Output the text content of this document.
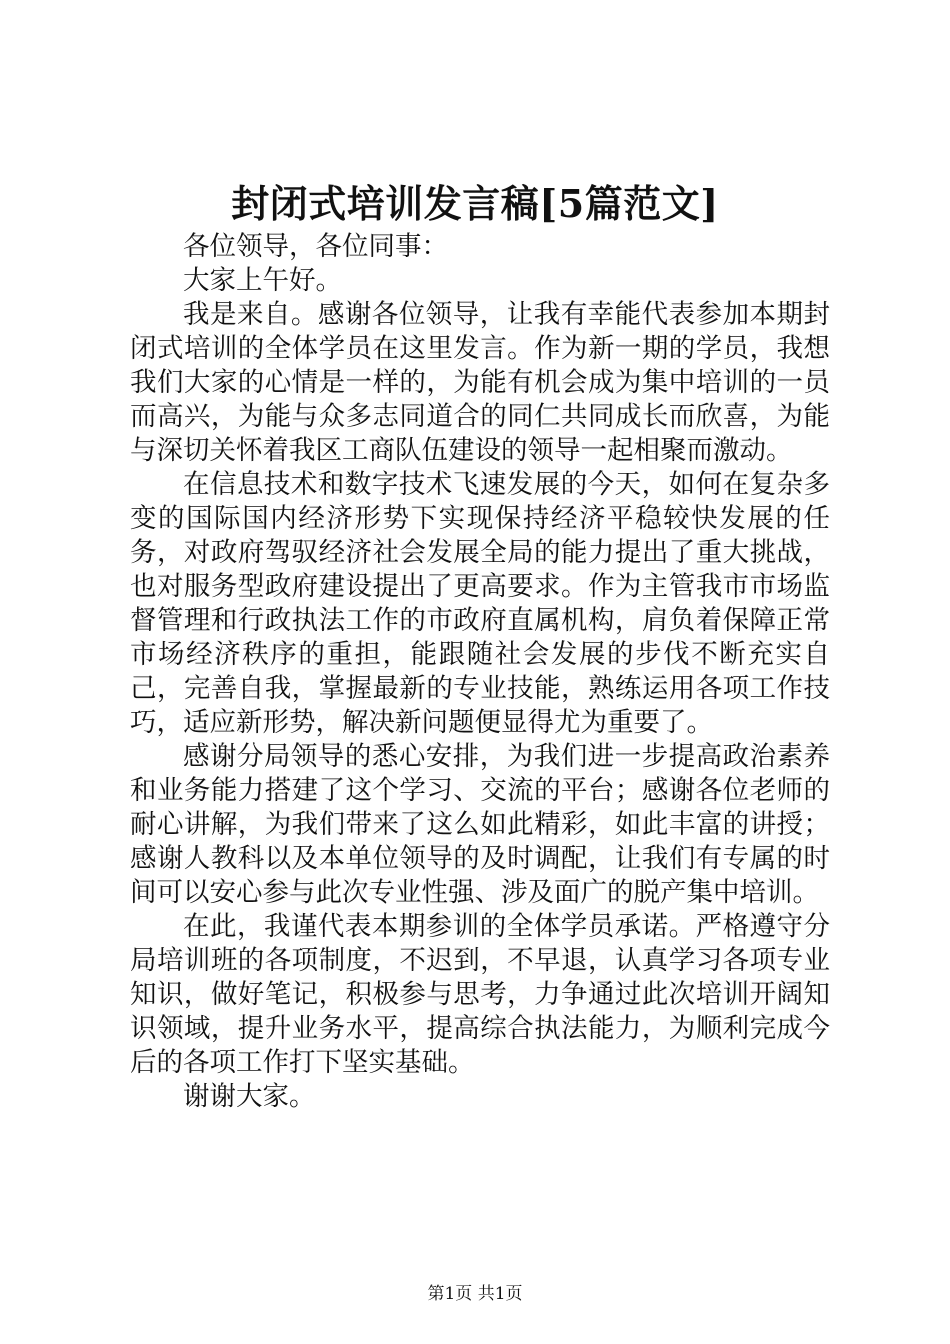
封闭式培训发言稿[5篇范文]

各位领导，各位同事：

大家上午好。

我是来自。感谢各位领导，让我有幸能代表参加本期封闭式培训的全体学员在这里发言。作为新一期的学员，我想我们大家的心情是一样的，为能有机会成为集中培训的一员而高兴，为能与众多志同道合的同仁共同成长而欣喜，为能与深切关怀着我区工商队伍建设的领导一起相聚而激动。

在信息技术和数字技术飞速发展的今天，如何在复杂多变的国际国内经济形势下实现保持经济平稳较快发展的任务，对政府驾驭经济社会发展全局的能力提出了重大挑战，也对服务型政府建设提出了更高要求。作为主管我市市场监督管理和行政执法工作的市政府直属机构，肩负着保障正常市场经济秩序的重担，能跟随社会发展的步伐不断充实自己，完善自我，掌握最新的专业技能，熟练运用各项工作技巧，适应新形势，解决新问题便显得尤为重要了。

感谢分局领导的悉心安排，为我们进一步提高政治素养和业务能力搭建了这个学习、交流的平台；感谢各位老师的耐心讲解，为我们带来了这么如此精彩，如此丰富的讲授；感谢人教科以及本单位领导的及时调配，让我们有专属的时间可以安心参与此次专业性强、涉及面广的脱产集中培训。

在此，我谨代表本期参训的全体学员承诺。严格遵守分局培训班的各项制度，不迟到，不早退，认真学习各项专业知识，做好笔记，积极参与思考，力争通过此次培训开阔知识领域，提升业务水平，提高综合执法能力，为顺利完成今后的各项工作打下坚实基础。

谢谢大家。

第1页 共1页
